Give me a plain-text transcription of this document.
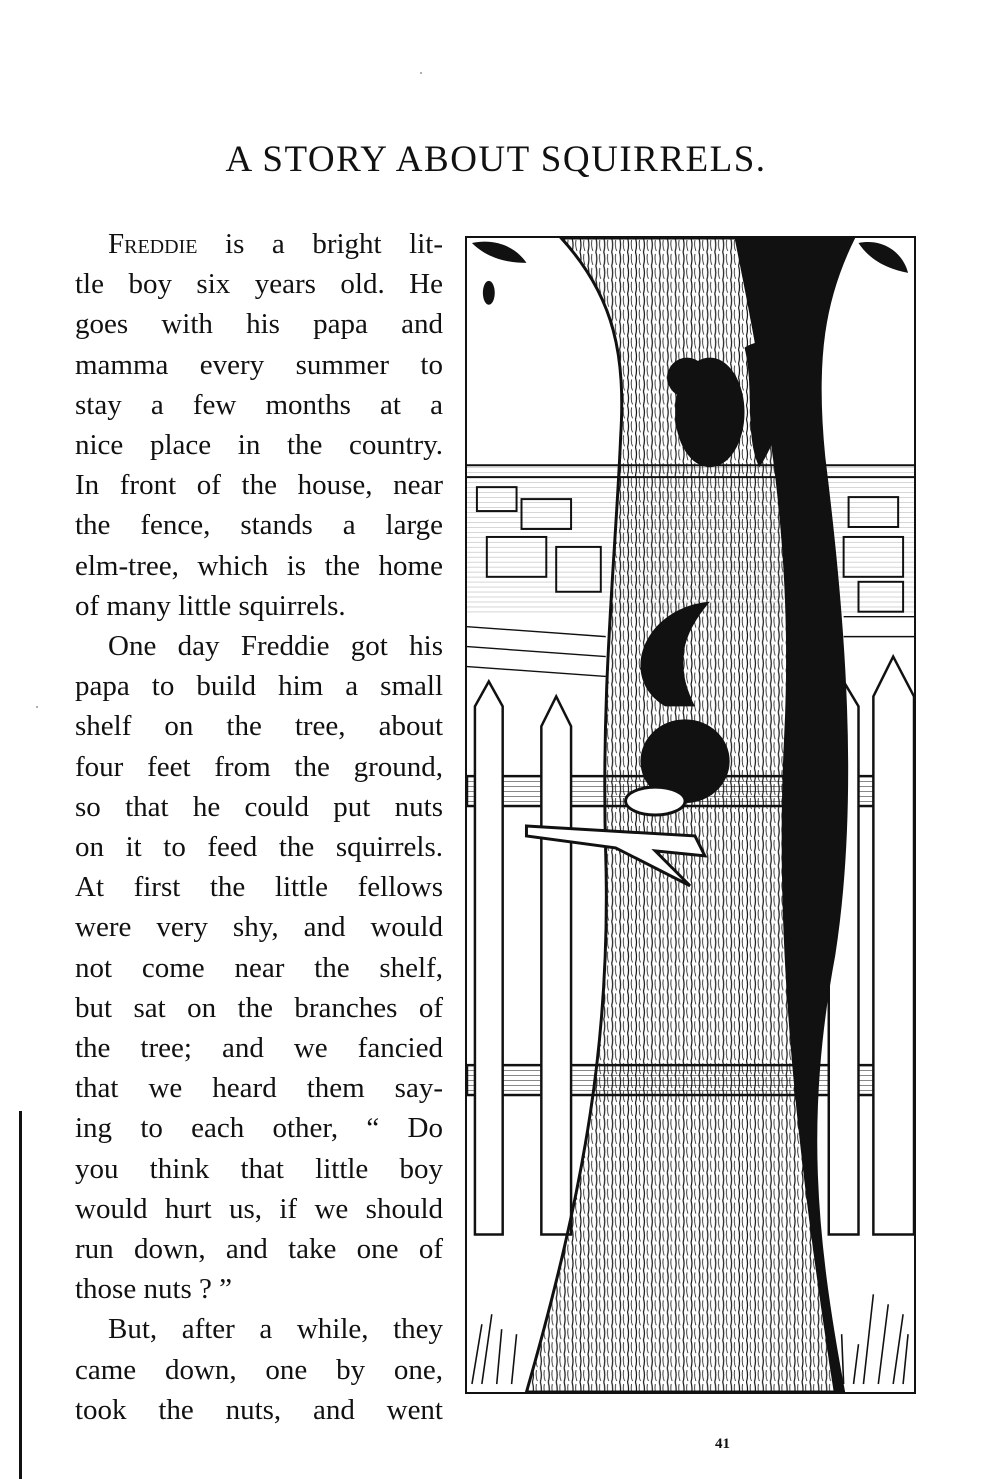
A STORY ABOUT SQUIRRELS.

Freddie is a bright lit-
tle boy six years old. He
goes with his papa and
mamma every summer to
stay a few months at a
nice place in the country.
In front of the house, near
the fence, stands a large
elm-tree, which is the home
of many little squirrels.

One day Freddie got his
papa to build him a small
shelf on the tree, about
four feet from the ground,
so that he could put nuts
on it to feed the squirrels.
At first the little fellows
were very shy, and would
not come near the shelf,
but sat on the branches of
the tree; and we fancied
that we heard them say-
ing to each other, “ Do
you think that little boy
would hurt us, if we should
run down, and take one of
those nuts ? ”

But, after a while, they
came down, one by one,
took the nuts, and went

41
